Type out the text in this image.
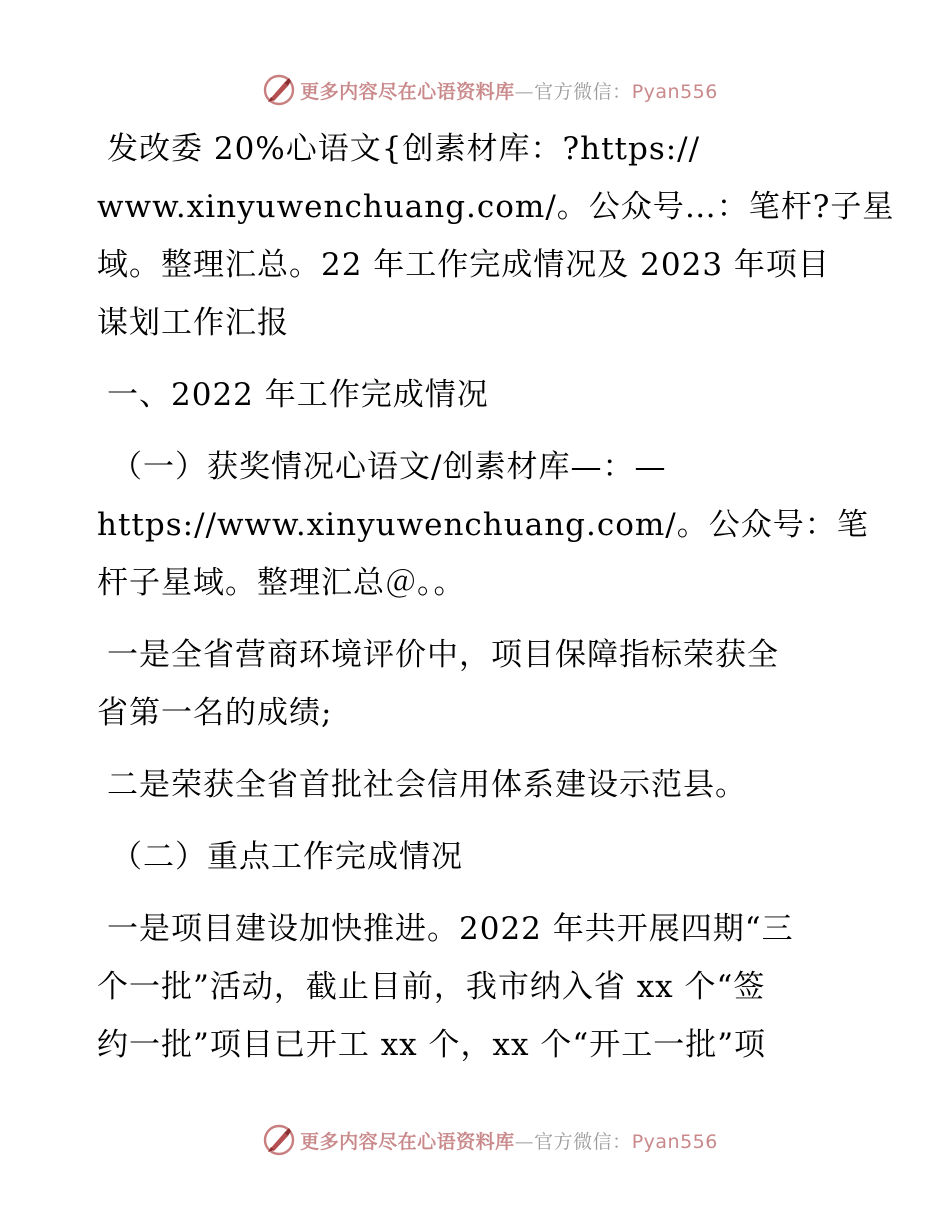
更多内容尽在心语资料库—官方微信：Pyan556
发改委 20%心语文{创素材库：?https://
www.xinyuwenchuang.com/。公众号…：笔杆?子星
域。整理汇总。22 年工作完成情况及 2023 年项目
谋划工作汇报
一、2022 年工作完成情况
（一）获奖情况心语文/创素材库—：—
https://www.xinyuwenchuang.com/。公众号：笔
杆子星域。整理汇总＠。。
一是全省营商环境评价中，项目保障指标荣获全
省第一名的成绩;
二是荣获全省首批社会信用体系建设示范县。
（二）重点工作完成情况
一是项目建设加快推进。2022 年共开展四期“三
个一批”活动，截止目前，我市纳入省 xx 个“签
约一批”项目已开工 xx 个，xx 个“开工一批”项
更多内容尽在心语资料库—官方微信：Pyan556
